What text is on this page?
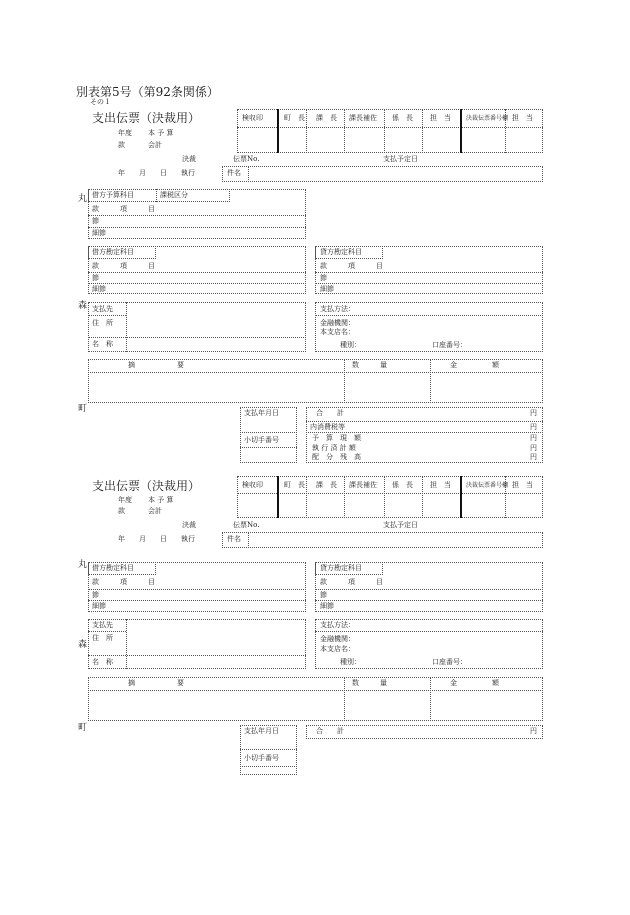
別表第5号（第92条関係）
その１
丸
森
町
丸
森
町
支出伝票（決裁用）
年度 本 予 算
款	会計
検収印	町　長 課　長 課長補佐 係　長 担　当	決裁伝票番号欄 担　当
決裁	伝票No.	支払予定日
年　　月　　日　　執行	件名
借方予算科目	課税区分
款　　　項　　　目
節
細節
借方勘定科目
款　　　項　　　目
節
細節
貸方勘定科目
款　　　項　　　目
節
細節
支払先
住　所
名　称
支払方法：
金融機関：
本支店名：
種別：	口座番号：
摘　　　　　　要	数　　　量	金　　　　　額
支払年月日
小切手番号
合　　計	円
内消費税等	円
予　算　現　額	円
執 行 済 計 額	円
配　分　残　高	円
支出伝票（決裁用）
年度 本 予 算
款	会計
検収印	町　長 課　長 課長補佐 係　長 担　当	決裁伝票番号欄 担　当
決裁	伝票No.	支払予定日
年　　月　　日　　執行	件名
借方勘定科目
款　　　項　　　目
節
細節
貸方勘定科目
款　　　項　　　目
節
細節
支払先
住　所
名　称
支払方法：
金融機関：
本支店名：
種別：	口座番号：
摘　　　　　　要	数　　　量	金　　　　　額
支払年月日
小切手番号
合　　計	円
